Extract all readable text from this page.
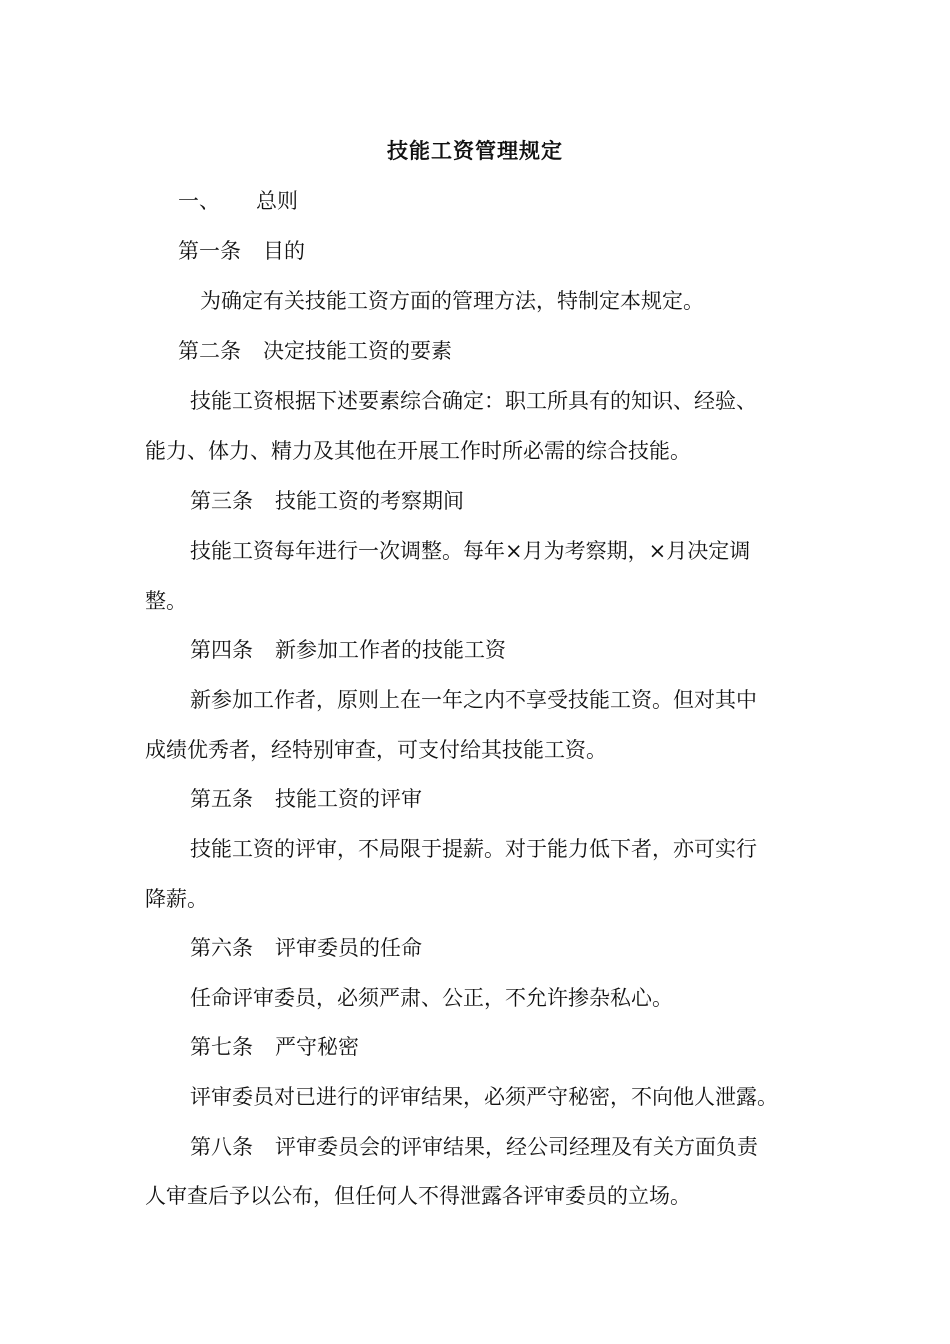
技能工资管理规定
一、 总则
第一条 目的
为确定有关技能工资方面的管理方法，特制定本规定。
第二条 决定技能工资的要素
技能工资根据下述要素综合确定：职工所具有的知识、经验、
能力、体力、精力及其他在开展工作时所必需的综合技能。
第三条 技能工资的考察期间
技能工资每年进行一次调整。每年×月为考察期，×月决定调
整。
第四条 新参加工作者的技能工资
新参加工作者，原则上在一年之内不享受技能工资。但对其中
成绩优秀者，经特别审查，可支付给其技能工资。
第五条 技能工资的评审
技能工资的评审，不局限于提薪。对于能力低下者，亦可实行
降薪。
第六条 评审委员的任命
任命评审委员，必须严肃、公正，不允许掺杂私心。
第七条 严守秘密
评审委员对已进行的评审结果，必须严守秘密，不向他人泄露。
第八条 评审委员会的评审结果，经公司经理及有关方面负责
人审查后予以公布，但任何人不得泄露各评审委员的立场。
